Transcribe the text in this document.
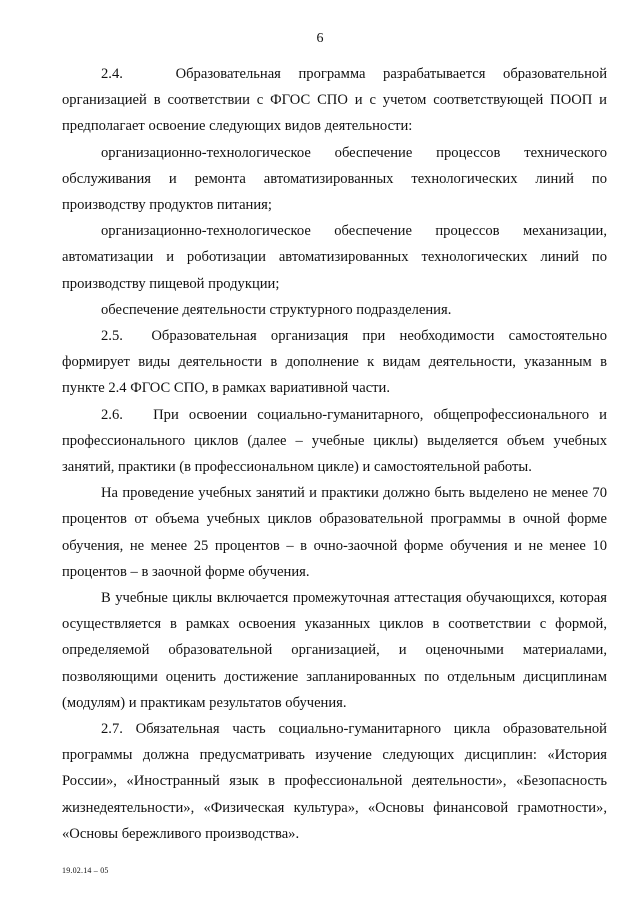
6

2.4.   Образовательная программа разрабатывается образовательной организацией в соответствии с ФГОС СПО и с учетом соответствующей ПООП и предполагает освоение следующих видов деятельности:

организационно-технологическое обеспечение процессов технического обслуживания и ремонта автоматизированных технологических линий по производству продуктов питания;

организационно-технологическое обеспечение процессов механизации, автоматизации и роботизации автоматизированных технологических линий по производству пищевой продукции;

обеспечение деятельности структурного подразделения.

2.5.  Образовательная организация при необходимости самостоятельно формирует виды деятельности в дополнение к видам деятельности, указанным в пункте 2.4 ФГОС СПО, в рамках вариативной части.

2.6.   При освоении социально-гуманитарного, общепрофессионального и профессионального циклов (далее – учебные циклы) выделяется объем учебных занятий, практики (в профессиональном цикле) и самостоятельной работы.

На проведение учебных занятий и практики должно быть выделено не менее 70 процентов от объема учебных циклов образовательной программы в очной форме обучения, не менее 25 процентов – в очно-заочной форме обучения и не менее 10 процентов – в заочной форме обучения.

В учебные циклы включается промежуточная аттестация обучающихся, которая осуществляется в рамках освоения указанных циклов в соответствии с формой, определяемой образовательной организацией, и оценочными материалами, позволяющими оценить достижение запланированных по отдельным дисциплинам (модулям) и практикам результатов обучения.

2.7. Обязательная часть социально-гуманитарного цикла образовательной программы должна предусматривать изучение следующих дисциплин: «История России», «Иностранный язык в профессиональной деятельности», «Безопасность жизнедеятельности», «Физическая культура», «Основы финансовой грамотности», «Основы бережливого производства».

19.02.14 – 05
